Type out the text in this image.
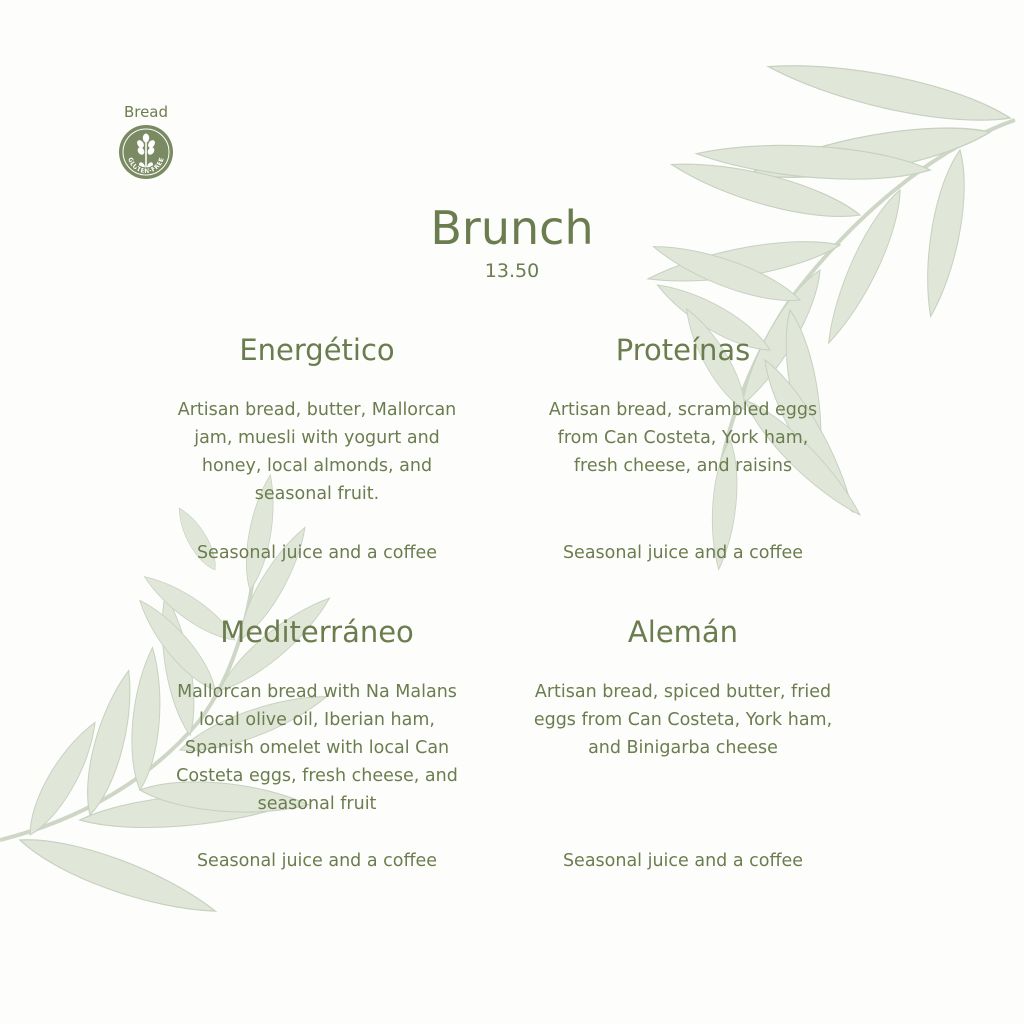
Bread
GLUTEN-FREE
Brunch
13.50
Energético
Artisan bread, butter, Mallorcan jam, muesli with yogurt and honey, local almonds, and seasonal fruit.
Seasonal juice and a coffee
Proteínas
Artisan bread, scrambled eggs from Can Costeta, York ham, fresh cheese, and raisins
Seasonal juice and a coffee
Mediterráneo
Mallorcan bread with Na Malans local olive oil, Iberian ham, Spanish omelet with local Can Costeta eggs, fresh cheese, and seasonal fruit
Seasonal juice and a coffee
Alemán
Artisan bread, spiced butter, fried eggs from Can Costeta, York ham, and Binigarba cheese
Seasonal juice and a coffee
